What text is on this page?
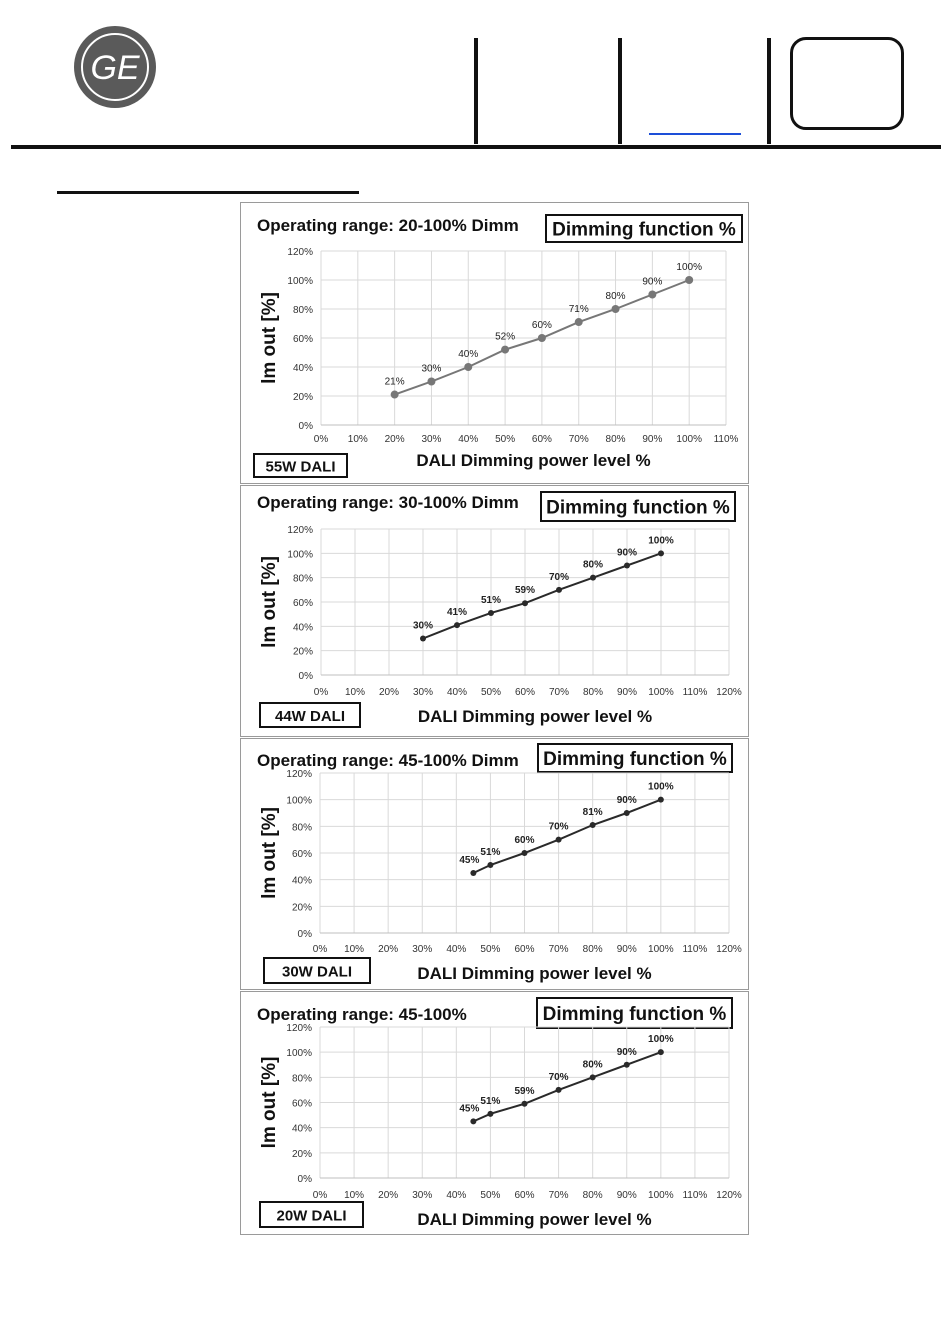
GE
Operating range: 20-100% Dimm Dimming function %
0% 10% 20% 30% 40% 50% 60% 70% 80% 90% 100% 110%
0%
20%
40%
60%
80%
100%
120%
lm out [%]
DALI Dimming power level %
55W DALI
21%
30%
40%
52%
60%
71%
80%
90%
100%
Operating range: 30-100% Dimm Dimming function %
0% 10% 20% 30% 40% 50% 60% 70% 80% 90% 100% 110% 120%
0%
20%
40%
60%
80%
100%
120%
lm out [%]
DALI Dimming power level %
44W DALI
30%
41%
51%
59%
70%
80%
90%
100%
Operating range: 45-100% Dimm Dimming function %
0% 10% 20% 30% 40% 50% 60% 70% 80% 90% 100% 110% 120%
0%
20%
40%
60%
80%
100%
120%
lm out [%]
DALI Dimming power level %
30W DALI
45%
51%
60%
70%
81%
90%
100%
Operating range: 45-100%	Dimming function %
0% 10% 20% 30% 40% 50% 60% 70% 80% 90% 100% 110% 120%
0%
20%
40%
60%
80%
100%
120%
lm out [%]
DALI Dimming power level %
20W DALI
45%
51%
59%
70%
80%
90%
100%
